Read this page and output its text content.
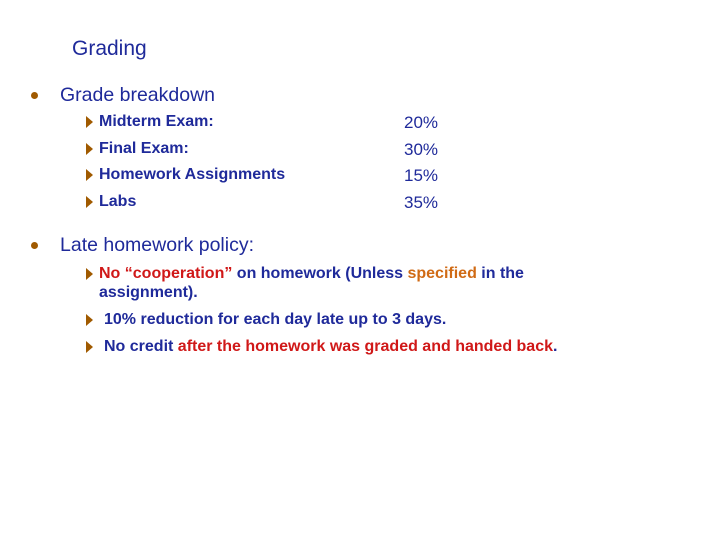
Grading
Grade breakdown
Midterm Exam:	20%
Final Exam:	30%
Homework Assignments	15%
Labs	35%
Late homework policy:
No “cooperation” on homework (Unless specified in the
assignment).
10% reduction for each day late up to 3 days.
No credit after the homework was graded and handed back.
